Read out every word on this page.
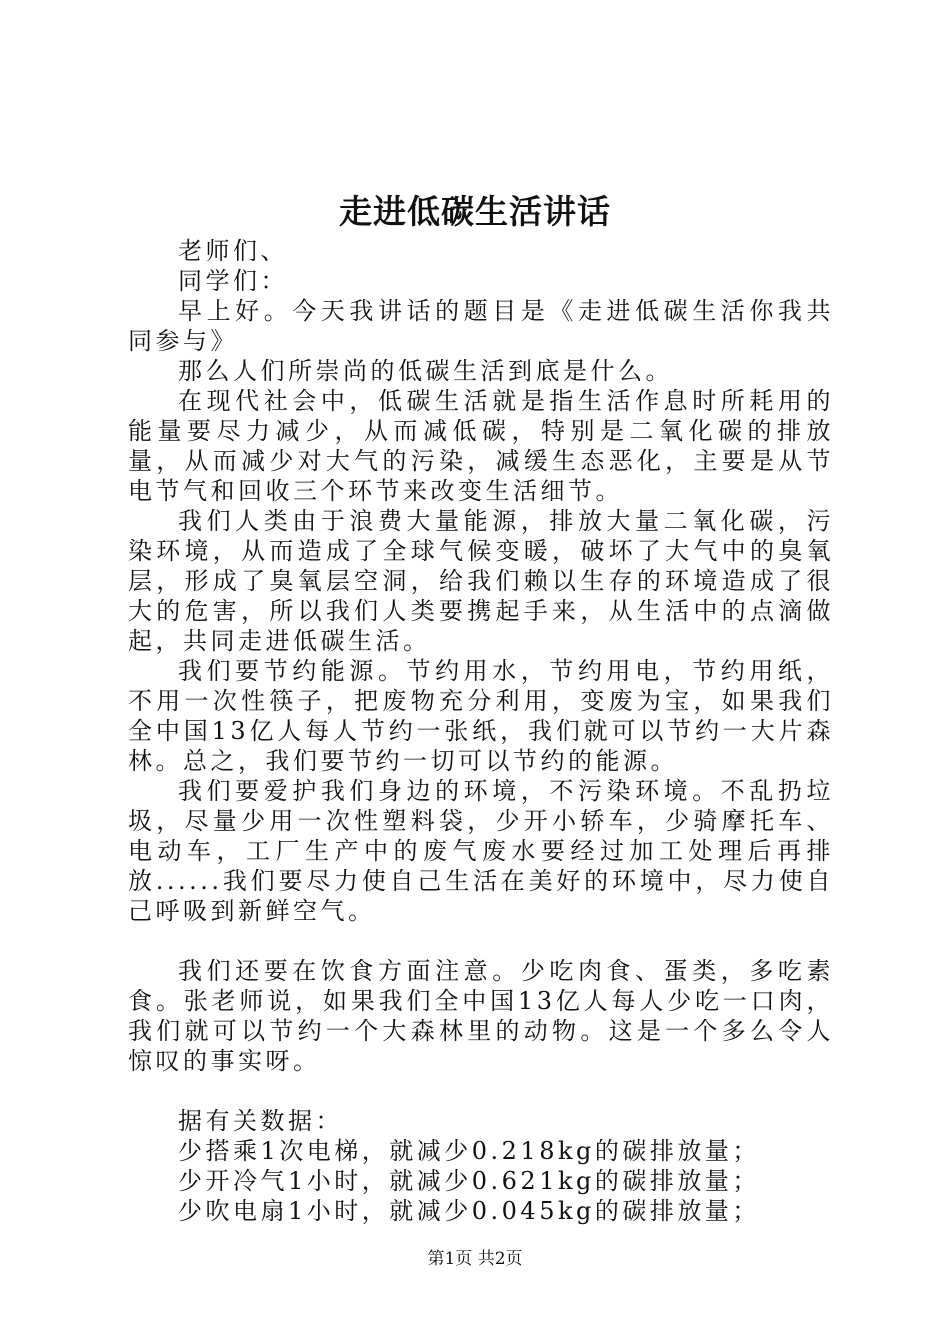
走进低碳生活讲话

老师们、

同学们：

早上好。今天我讲话的题目是《走进低碳生活你我共同参与》

那么人们所崇尚的低碳生活到底是什么。

在现代社会中，低碳生活就是指生活作息时所耗用的能量要尽力减少，从而减低碳，特别是二氧化碳的排放量，从而减少对大气的污染，减缓生态恶化，主要是从节电节气和回收三个环节来改变生活细节。

我们人类由于浪费大量能源，排放大量二氧化碳，污染环境，从而造成了全球气候变暖，破坏了大气中的臭氧层，形成了臭氧层空洞，给我们赖以生存的环境造成了很大的危害，所以我们人类要携起手来，从生活中的点滴做起，共同走进低碳生活。

我们要节约能源。节约用水，节约用电，节约用纸，不用一次性筷子，把废物充分利用，变废为宝，如果我们全中国13亿人每人节约一张纸，我们就可以节约一大片森林。总之，我们要节约一切可以节约的能源。

我们要爱护我们身边的环境，不污染环境。不乱扔垃圾，尽量少用一次性塑料袋，少开小轿车，少骑摩托车、电动车，工厂生产中的废气废水要经过加工处理后再排放......我们要尽力使自己生活在美好的环境中，尽力使自己呼吸到新鲜空气。

我们还要在饮食方面注意。少吃肉食、蛋类，多吃素食。张老师说，如果我们全中国13亿人每人少吃一口肉，我们就可以节约一个大森林里的动物。这是一个多么令人惊叹的事实呀。

据有关数据：

少搭乘1次电梯，就减少0.218kg的碳排放量；

少开冷气1小时，就减少0.621kg的碳排放量；

少吹电扇1小时，就减少0.045kg的碳排放量；

第1页 共2页
